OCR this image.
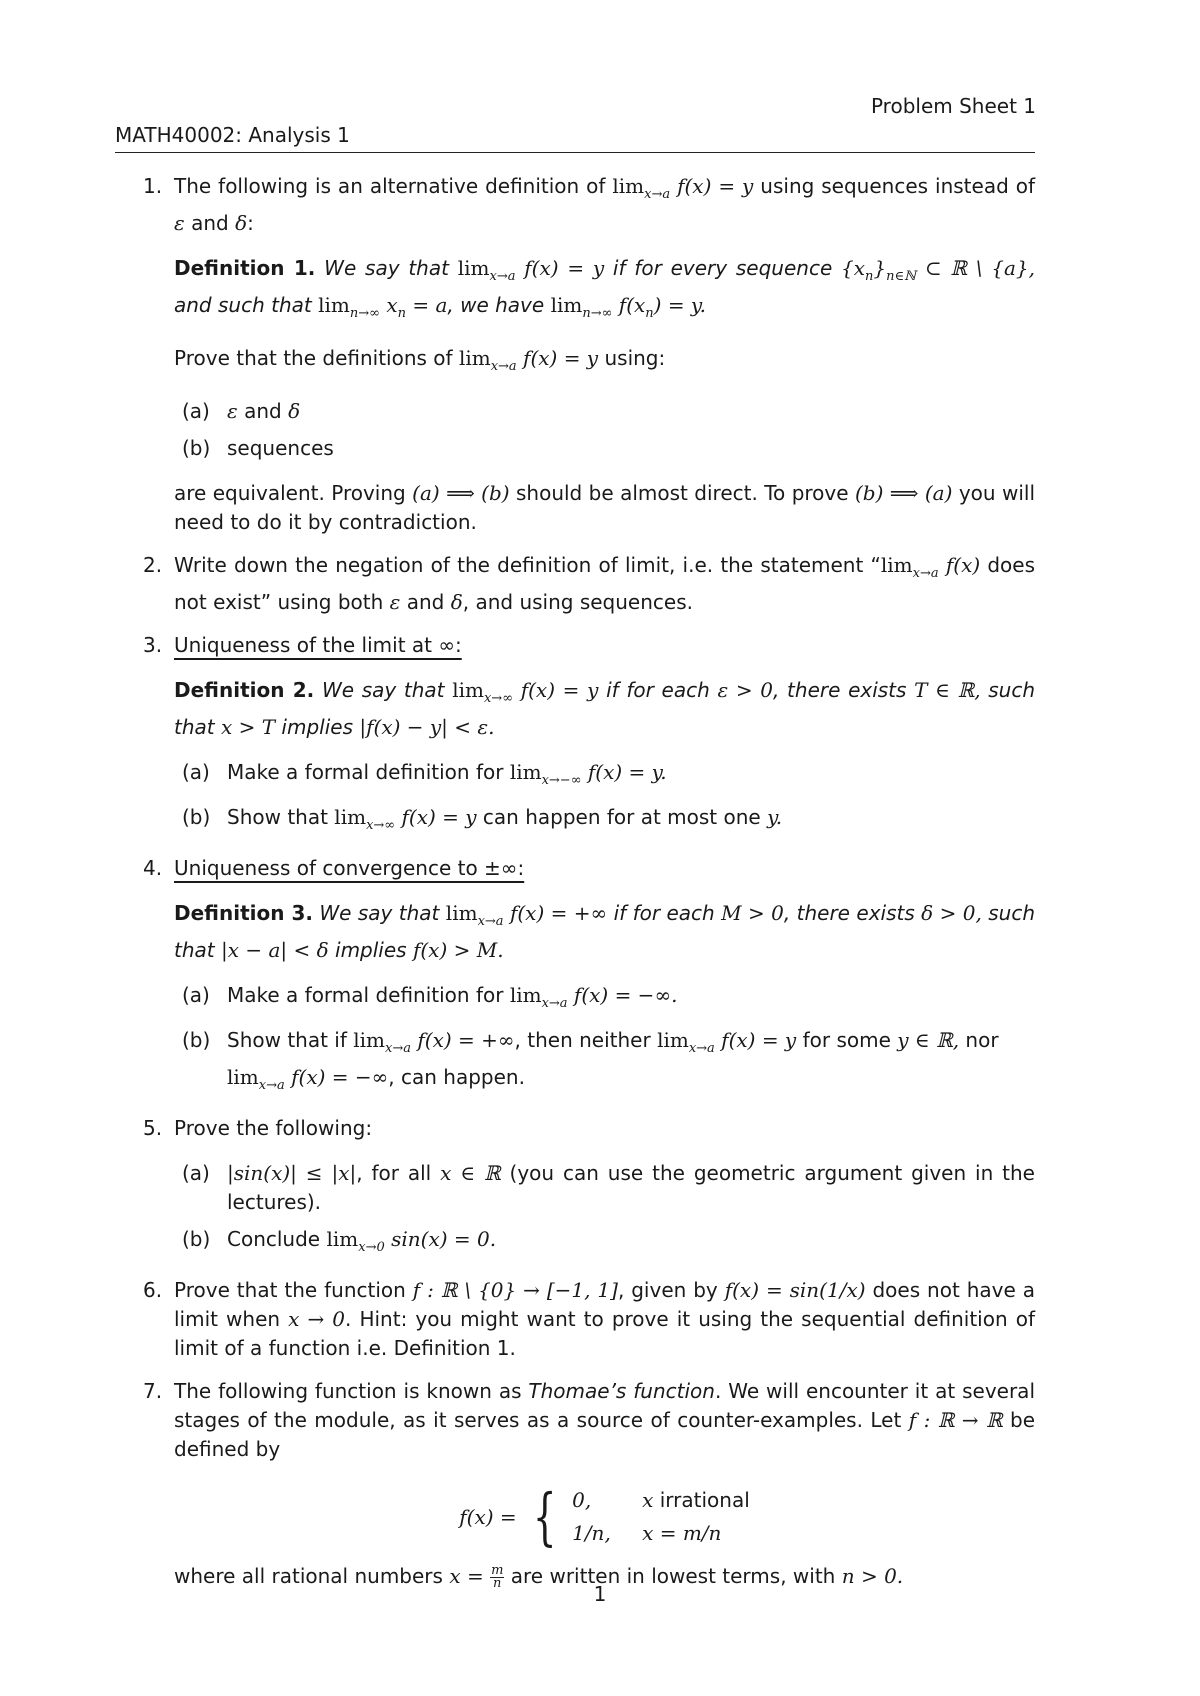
Problem Sheet 1
MATH40002: Analysis 1
1. The following is an alternative definition of $\lim_{x\to a} f(x) = y$ using sequences instead of ε and δ:
Definition 1. We say that $\lim_{x\to a} f(x) = y$ if for every sequence $\{x_n\}_{n\in ℕ}$ ⊂ ℝ \ {a}, and such that $\lim_{n\to\infty} x_n = a$, we have $\lim_{n\to\infty} f(x_n) = y$.
Prove that the definitions of $\lim_{x\to a} f(x) = y$ using:
(a) ε and δ
(b) sequences
are equivalent. Proving (a) ⟹ (b) should be almost direct. To prove (b) ⟹ (a) you will need to do it by contradiction.
2. Write down the negation of the definition of limit, i.e. the statement “$\lim_{x\to a}$ f(x) does not exist” using both ε and δ, and using sequences.
3. Uniqueness of the limit at ∞:
Definition 2. We say that $\lim_{x\to\infty} f(x) = y$ if for each ε > 0, there exists T ∈ ℝ, such that x > T implies |f(x) − y| < ε.
(a) Make a formal definition for $\lim_{x\to-\infty} f(x) = y$.
(b) Show that $\lim_{x\to\infty} f(x) = y$ can happen for at most one y.
4. Uniqueness of convergence to ±∞:
Definition 3. We say that $\lim_{x\to a} f(x)$ = +∞ if for each M > 0, there exists δ > 0, such that |x − a| < δ implies f(x) > M.
(a) Make a formal definition for $\lim_{x\to a} f(x)$ = −∞.
(b) Show that if $\lim_{x\to a} f(x)$ = +∞, then neither $\lim_{x\to a} f(x) = y$ for some y ∈ ℝ, nor $\lim_{x\to a} f(x)$ = −∞, can happen.
5. Prove the following:
(a) |sin(x)| ≤ |x|, for all x ∈ ℝ (you can use the geometric argument given in the lectures).
(b) Conclude $\lim_{x\to 0} \sin(x) = 0$.
6. Prove that the function f : ℝ \ {0} → [−1, 1], given by f(x) = sin(1/x) does not have a limit when x → 0. Hint: you might want to prove it using the sequential definition of limit of a function i.e. Definition 1.
7. The following function is known as Thomae’s function. We will encounter it at several stages of the module, as it serves as a source of counter-examples. Let f : ℝ → ℝ be defined by
f(x) = { 0,	x irrational
1/n,	x = m/n
where all rational numbers $x = \frac{m}{n}$ are written in lowest terms, with n > 0.
1
